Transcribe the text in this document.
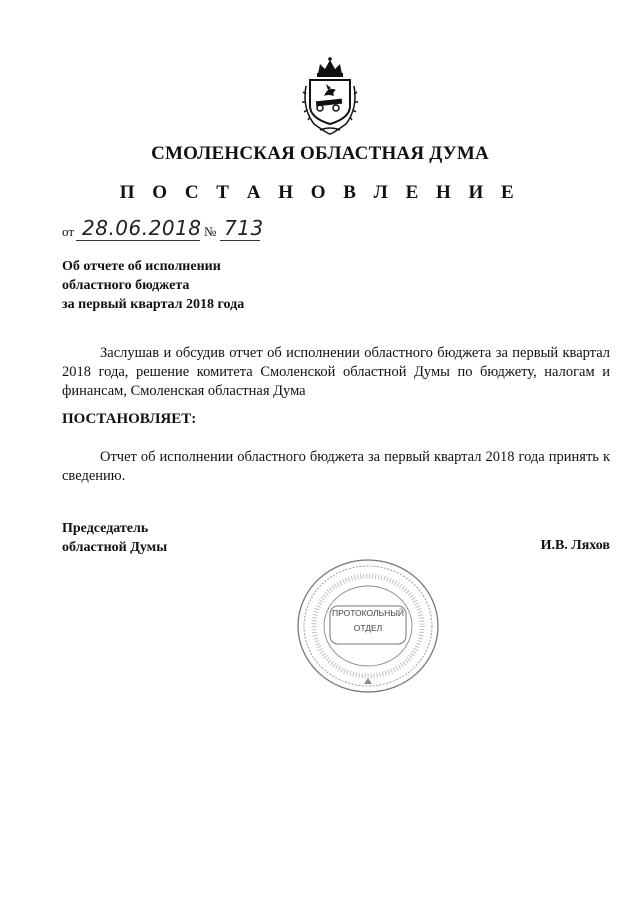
СМОЛЕНСКАЯ ОБЛАСТНАЯ ДУМА
П О С Т А Н О В Л Е Н И Е
от 28.06.2018 № 713
Об отчете об исполнении
областного бюджета
за первый квартал 2018 года
Заслушав и обсудив отчет об исполнении областного бюджета за первый квартал 2018 года, решение комитета Смоленской областной Думы по бюджету, налогам и финансам, Смоленская областная Дума
ПОСТАНОВЛЯЕТ:
Отчет об исполнении областного бюджета за первый квартал 2018 года принять к сведению.
Председатель
областной Думы	И.В. Ляхов
ПРОТОКОЛЬНЫЙ
ОТДЕЛ
